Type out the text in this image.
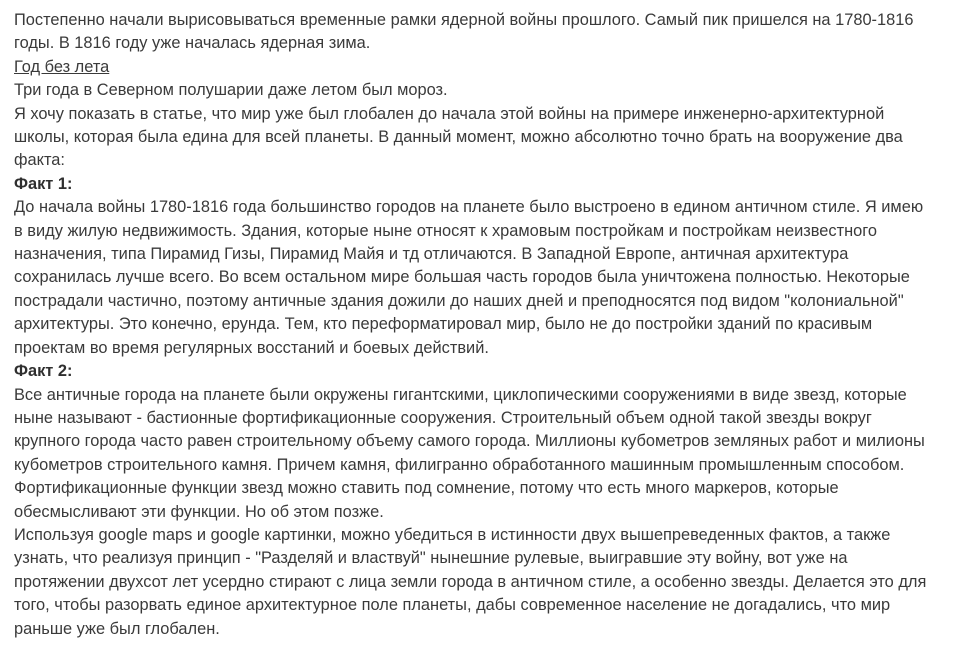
Постепенно начали вырисовываться временные рамки ядерной войны прошлого. Самый пик пришелся на 1780-1816
годы. В 1816 году уже началась ядерная зима.
Год без лета
Три года в Северном полушарии даже летом был мороз.
Я хочу показать в статье, что мир уже был глобален до начала этой войны на примере инженерно-архитектурной
школы, которая была едина для всей планеты. В данный момент, можно абсолютно точно брать на вооружение два
факта:
Факт 1:
До начала войны 1780-1816 года большинство городов на планете было выстроено в едином античном стиле. Я имею
в виду жилую недвижимость. Здания, которые ныне относят к храмовым постройкам и постройкам неизвестного
назначения, типа Пирамид Гизы, Пирамид Майя и тд отличаются. В Западной Европе, античная архитектура
сохранилась лучше всего. Во всем остальном мире большая часть городов была уничтожена полностью. Некоторые
пострадали частично, поэтому античные здания дожили до наших дней и преподносятся под видом "колониальной"
архитектуры. Это конечно, ерунда. Тем, кто переформатировал мир, было не до постройки зданий по красивым
проектам во время регулярных восстаний и боевых действий.
Факт 2:
Все античные города на планете были окружены гигантскими, циклопическими сооружениями в виде звезд, которые
ныне называют - бастионные фортификационные сооружения. Строительный объем одной такой звезды вокруг
крупного города часто равен строительному объему самого города. Миллионы кубометров земляных работ и милионы
кубометров строительного камня. Причем камня, филигранно обработанного машинным промышленным способом.
Фортификационные функции звезд можно ставить под сомнение, потому что есть много маркеров, которые
обесмысливают эти функции. Но об этом позже.
Используя google maps и google картинки, можно убедиться в истинности двух вышепреведенных фактов, а также
узнать, что реализуя принцип - "Разделяй и властвуй" нынешние рулевые, выигравшие эту войну, вот уже на
протяжении двухсот лет усердно стирают с лица земли города в античном стиле, а особенно звезды. Делается это для
того, чтобы разорвать единое архитектурное поле планеты, дабы современное население не догадались, что мир
раньше уже был глобален.
